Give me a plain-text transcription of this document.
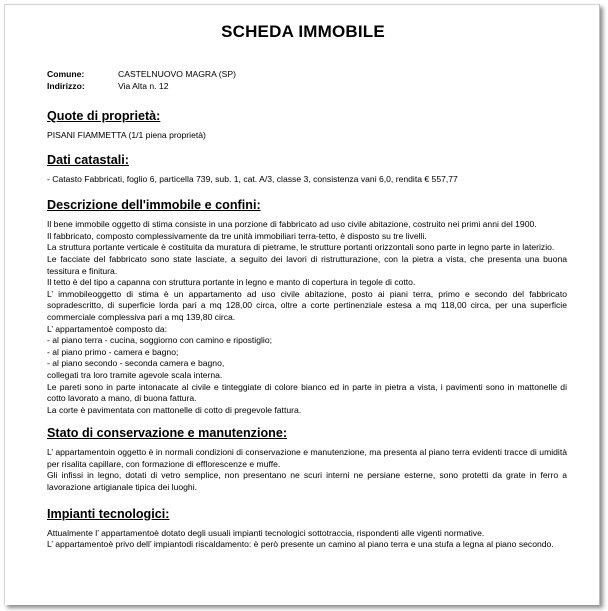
SCHEDA IMMOBILE
Comune:	CASTELNUOVO MAGRA (SP)
Indirizzo:	Via Alta n. 12
Quote di proprietà:

PISANI FIAMMETTA (1/1 piena proprietà)

Dati catastali:

- Catasto Fabbricati, foglio 6, particella 739, sub. 1, cat. A/3, classe 3, consistenza vani 6,0, rendita € 557,77

Descrizione dell'immobile e confini:

Il bene immobile oggetto di stima consiste in una porzione di fabbricato ad uso civile abitazione, costruito nei primi anni del 1900.

Il fabbricato, composto complessivamente da tre unità immobiliari terra-tetto, è disposto su tre livelli.

La struttura portante verticale è costituita da muratura di pietrame, le strutture portanti orizzontali sono parte in legno parte in laterizio.

Le facciate del fabbricato sono state lasciate, a seguito dei lavori di ristrutturazione, con la pietra a vista, che presenta una buona tessitura e finitura.

Il tetto è del tipo a capanna con struttura portante in legno e manto di copertura in tegole di cotto.

L’ immobileoggetto di stima è un appartamento ad uso civile abitazione, posto ai piani terra, primo e secondo del fabbricato sopradescritto, di superficie lorda pari a mq 128,00 circa, oltre a corte pertinenziale estesa a mq 118,00 circa, per una superficie commerciale complessiva pari a mq 139,80 circa.

L’ appartamentoè composto da:

- al piano terra - cucina, soggiorno con camino e ripostiglio;

- al piano primo - camera e bagno;

- al piano secondo - seconda camera e bagno,

collegati tra loro tramite agevole scala interna.

Le pareti sono in parte intonacate al civile e tinteggiate di colore bianco ed in parte in pietra a vista, i pavimenti sono in mattonelle di cotto lavorato a mano, di buona fattura.

La corte è pavimentata con mattonelle di cotto di pregevole fattura.

Stato di conservazione e manutenzione:

L’ appartamentoin oggetto è in normali condizioni di conservazione e manutenzione, ma presenta al piano terra evidenti tracce di umidità per risalita capillare, con formazione di efflorescenze e muffe.

Gli infissi in legno, dotati di vetro semplice, non presentano ne scuri interni ne persiane esterne, sono protetti da grate in ferro a lavorazione artigianale tipica dei luoghi.

Impianti tecnologici:

Attualmente l’ appartamentoè dotato degli usuali impianti tecnologici sottotraccia, rispondenti alle vigenti normative.

L’ appartamentoè privo dell’ impiantodi riscaldamento: è però presente un camino al piano terra e una stufa a legna al piano secondo.
